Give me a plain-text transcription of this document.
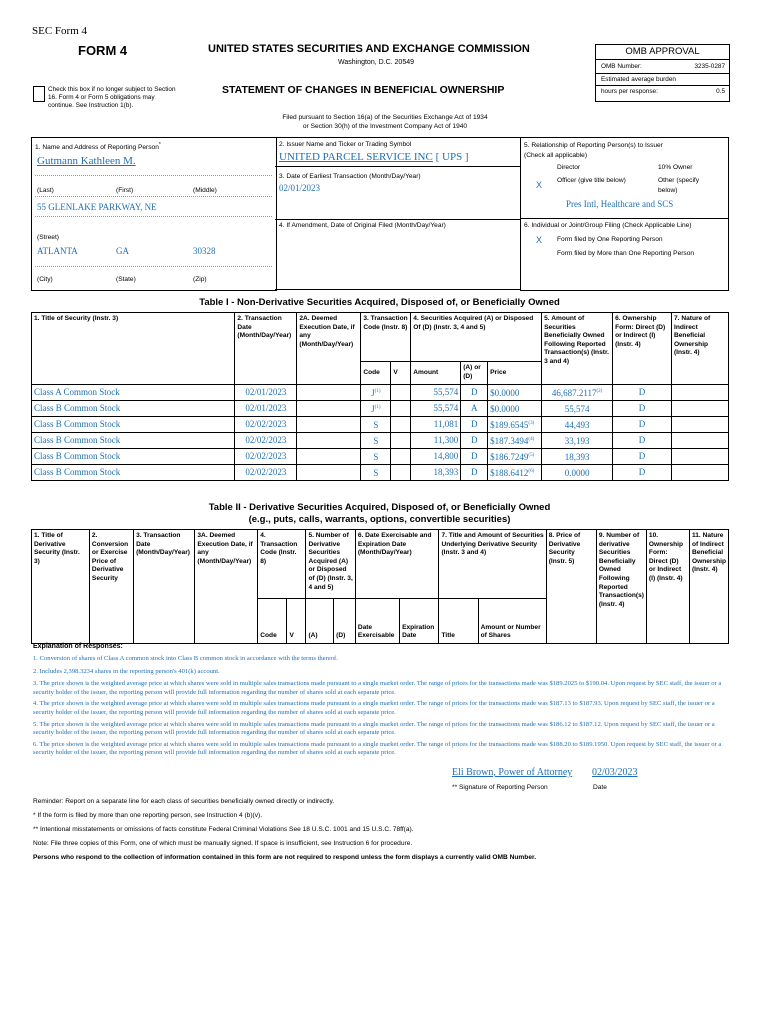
SEC Form 4
FORM 4	UNITED STATES SECURITIES AND EXCHANGE COMMISSION
Washington, D.C. 20549
Check this box if no longer subject to Section 16. Form 4 or Form 5 obligations may continue. See Instruction 1(b).
STATEMENT OF CHANGES IN BENEFICIAL OWNERSHIP
OMB APPROVAL
OMB Number:	3235-0287
Estimated average burden
hours per response:	0.5
Filed pursuant to Section 16(a) of the Securities Exchange Act of 1934
or Section 30(h) of the Investment Company Act of 1940
1. Name and Address of Reporting Person*
Gutmann Kathleen M.
(Last)	(First)	(Middle)
55 GLENLAKE PARKWAY, NE
(Street)
ATLANTA	GA	30328
(City)	(State)	(Zip)
2. Issuer Name and Ticker or Trading Symbol
UNITED PARCEL SERVICE INC [ UPS ]
3. Date of Earliest Transaction (Month/Day/Year)
02/01/2023
4. If Amendment, Date of Original Filed (Month/Day/Year)
5. Relationship of Reporting Person(s) to Issuer
(Check all applicable)
Director	10% Owner
X Officer (give title below)	Other (specify below)
Pres Intl, Healthcare and SCS
6. Individual or Joint/Group Filing (Check Applicable Line)
X Form filed by One Reporting Person
Form filed by More than One Reporting Person
Table I - Non-Derivative Securities Acquired, Disposed of, or Beneficially Owned
1. Title of Security (Instr. 3)	2. Transaction Date (Month/Day/Year)	2A. Deemed Execution Date, if any (Month/Day/Year)	3. Transaction Code (Instr. 8)		4. Securities Acquired (A) or Disposed Of (D) (Instr. 3, 4 and 5)			5. Amount of Securities Beneficially Owned Following Reported Transaction(s) (Instr. 3 and 4)	6. Ownership Form: Direct (D) or Indirect (I) (Instr. 4)	7. Nature of Indirect Beneficial Ownership (Instr. 4)
			Code	V	Amount	(A) or (D)	Price			
Class A Common Stock	02/01/2023		$J^{(1)}$		55,574	D	$0.0000	46,687.2117$^{(2)}$	D	
Class B Common Stock	02/01/2023		$J^{(1)}$		55,574	A	$0.0000	55,574	D	
Class B Common Stock	02/02/2023		S		11,081	D	$189.6545$^{(3)}$	44,493	D	
Class B Common Stock	02/02/2023		S		11,300	D	$187.3494$^{(4)}$	33,193	D	
Class B Common Stock	02/02/2023		S		14,800	D	$186.7249$^{(5)}$	18,393	D	
Class B Common Stock	02/02/2023		S		18,393	D	$188.6412$^{(6)}$	0.0000	D	
Table II - Derivative Securities Acquired, Disposed of, or Beneficially Owned
(e.g., puts, calls, warrants, options, convertible securities)
1. Title of Derivative Security (Instr. 3)	2. Conversion or Exercise Price of Derivative Security	3. Transaction Date (Month/Day/Year)	3A. Deemed Execution Date, if any (Month/Day/Year)	4. Transaction Code (Instr. 8)		5. Number of Derivative Securities Acquired (A) or Disposed of (D) (Instr. 3, 4 and 5)		6. Date Exercisable and Expiration Date (Month/Day/Year)		7. Title and Amount of Securities Underlying Derivative Security (Instr. 3 and 4)		8. Price of Derivative Security (Instr. 5)	9. Number of derivative Securities Beneficially Owned Following Reported Transaction(s) (Instr. 4)	10. Ownership Form: Direct (D) or Indirect (I) (Instr. 4)	11. Nature of Indirect Beneficial Ownership (Instr. 4)
				Code	V	(A)	(D)	Date Exercisable	Expiration Date	Title	Amount or Number of Shares				
Explanation of Responses:
1. Conversion of shares of Class A common stock into Class B common stock in accordance with the terms thereof.
2. Includes 2,398.3234 shares in the reporting person's 401(k) account.
3. The price shown is the weighted average price at which shares were sold in multiple sales transactions made pursuant to a single market order. The range of prices for the transactions made was $189.2025 to $190.04. Upon request by SEC staff, the issuer or a security holder of the issuer, the reporting person will provide full information regarding the number of shares sold at each separate price.
4. The price shown is the weighted average price at which shares were sold in multiple sales transactions made pursuant to a single market order. The range of prices for the transactions made was $187.13 to $187.93. Upon request by SEC staff, the issuer or a security holder of the issuer, the reporting person will provide full information regarding the number of shares sold at each separate price.
5. The price shown is the weighted average price at which shares were sold in multiple sales transactions made pursuant to a single market order. The range of prices for the transactions made was $186.12 to $187.12. Upon request by SEC staff, the issuer or a security holder of the issuer, the reporting person will provide full information regarding the number of shares sold at each separate price.
6. The price shown is the weighted average price at which shares were sold in multiple sales transactions made pursuant to a single market order. The range of prices for the transactions made was $188.20 to $189.1950. Upon request by SEC staff, the issuer or a security holder of the issuer, the reporting person will provide full information regarding the number of shares sold at each separate price.
Eli Brown, Power of Attorney 02/03/2023
** Signature of Reporting Person	Date
Reminder: Report on a separate line for each class of securities beneficially owned directly or indirectly.
* If the form is filed by more than one reporting person, see Instruction 4 (b)(v).
** Intentional misstatements or omissions of facts constitute Federal Criminal Violations See 18 U.S.C. 1001 and 15 U.S.C. 78ff(a).
Note: File three copies of this Form, one of which must be manually signed. If space is insufficient, see Instruction 6 for procedure.
Persons who respond to the collection of information contained in this form are not required to respond unless the form displays a currently valid OMB Number.
